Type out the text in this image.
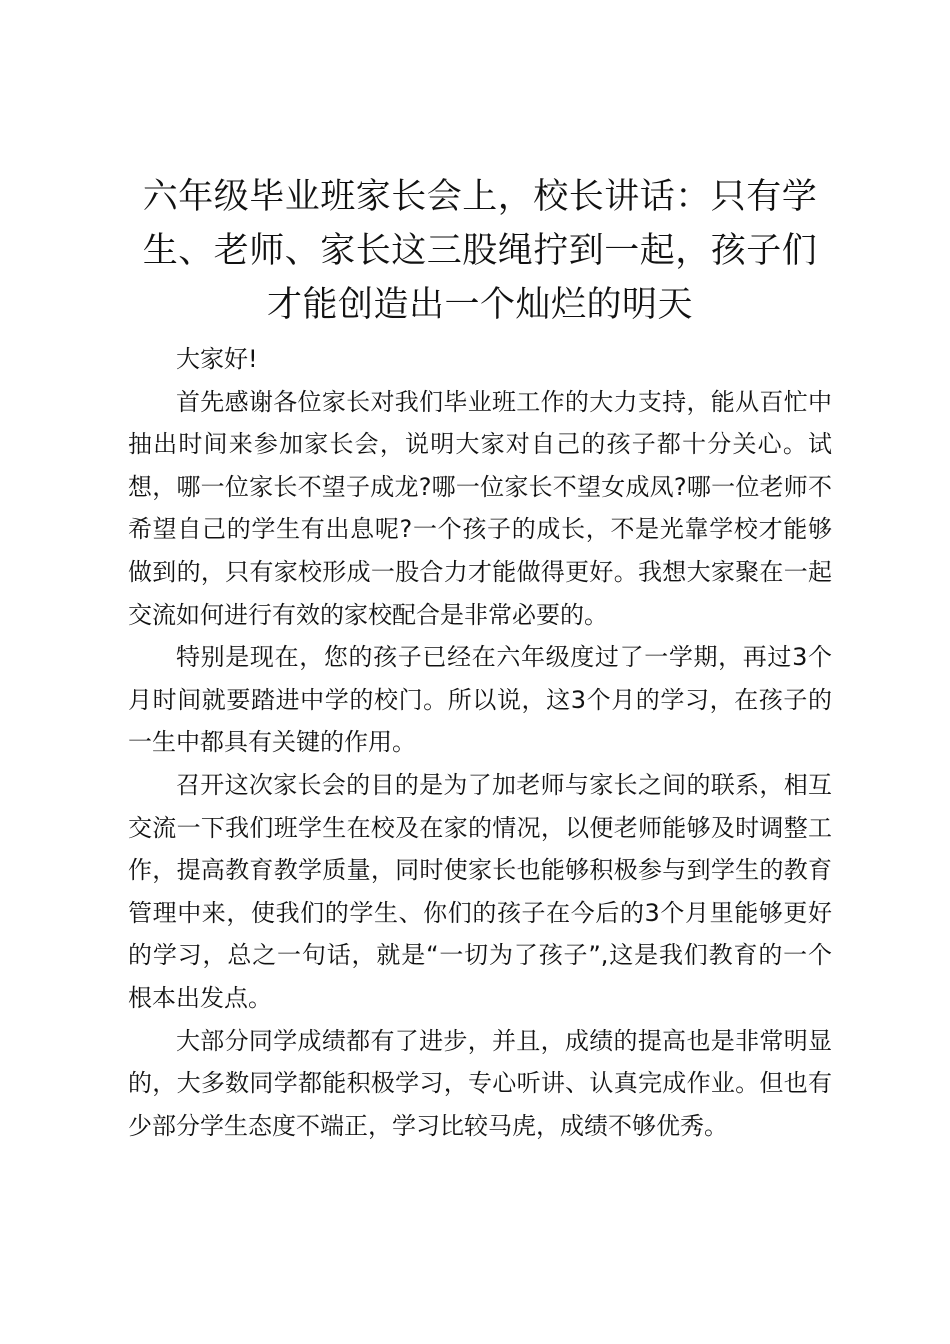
六年级毕业班家长会上，校长讲话：只有学生、老师、家长这三股绳拧到一起，孩子们才能创造出一个灿烂的明天

大家好!

首先感谢各位家长对我们毕业班工作的大力支持，能从百忙中抽出时间来参加家长会，说明大家对自己的孩子都十分关心。试想，哪一位家长不望子成龙?哪一位家长不望女成凤?哪一位老师不希望自己的学生有出息呢?一个孩子的成长，不是光靠学校才能够做到的，只有家校形成一股合力才能做得更好。我想大家聚在一起交流如何进行有效的家校配合是非常必要的。

特别是现在，您的孩子已经在六年级度过了一学期，再过3个月时间就要踏进中学的校门。所以说，这3个月的学习，在孩子的一生中都具有关键的作用。

召开这次家长会的目的是为了加老师与家长之间的联系，相互交流一下我们班学生在校及在家的情况，以便老师能够及时调整工作，提高教育教学质量，同时使家长也能够积极参与到学生的教育管理中来，使我们的学生、你们的孩子在今后的3个月里能够更好的学习，总之一句话，就是“一切为了孩子”,这是我们教育的一个根本出发点。

大部分同学成绩都有了进步，并且，成绩的提高也是非常明显的，大多数同学都能积极学习，专心听讲、认真完成作业。但也有少部分学生态度不端正，学习比较马虎，成绩不够优秀。
